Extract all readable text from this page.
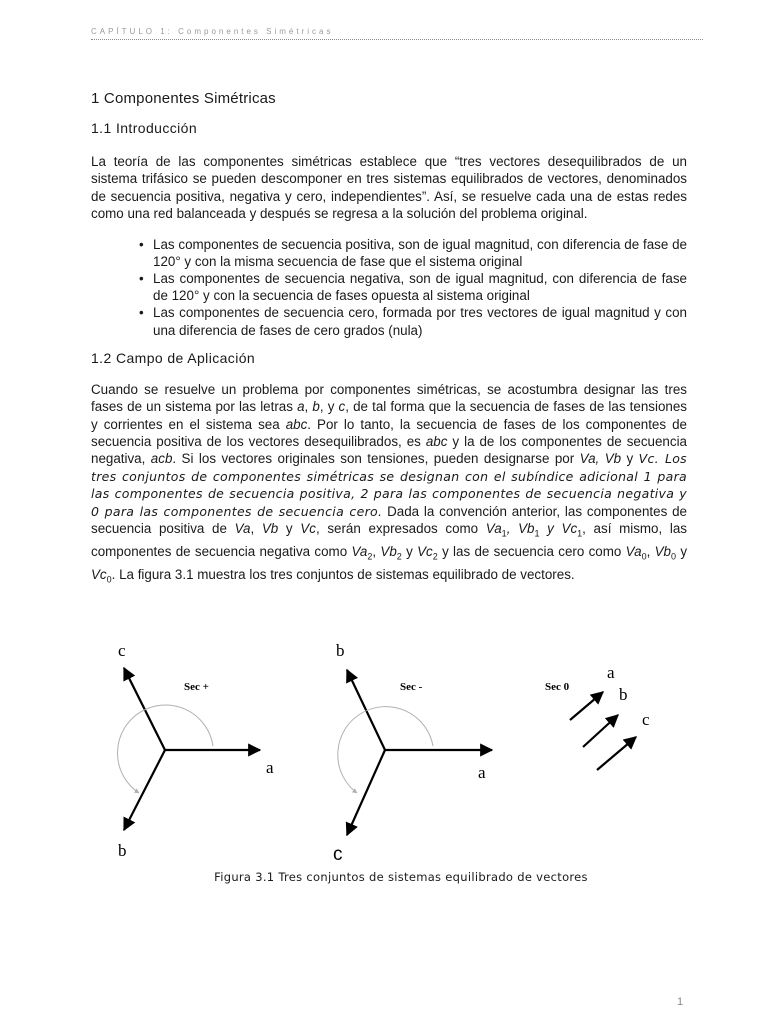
CAPÍTULO 1: Componentes Simétricas
1 Componentes Simétricas
1.1 Introducción

La teoría de las componentes simétricas establece que “tres vectores desequilibrados de un sistema trifásico se pueden descomponer en tres sistemas equilibrados de vectores, denominados de secuencia positiva, negativa y cero, independientes”. Así, se resuelve cada una de estas redes como una red balanceada y después se regresa a la solución del problema original.

• Las componentes de secuencia positiva, son de igual magnitud, con diferencia de fase de 120° y con la misma secuencia de fase que el sistema original
• Las componentes de secuencia negativa, son de igual magnitud, con diferencia de fase de 120° y con la secuencia de fases opuesta al sistema original
• Las componentes de secuencia cero, formada por tres vectores de igual magnitud y con una diferencia de fases de cero grados (nula)
1.2 Campo de Aplicación

Cuando se resuelve un problema por componentes simétricas, se acostumbra designar las tres fases de un sistema por las letras a, b, y c, de tal forma que la secuencia de fases de las tensiones y corrientes en el sistema sea abc. Por lo tanto, la secuencia de fases de los componentes de secuencia positiva de los vectores desequilibrados, es abc y la de los componentes de secuencia negativa, acb. Si los vectores originales son tensiones, pueden designarse por Va, Vb y Vc. Los tres conjuntos de componentes simétricas se designan con el subíndice adicional 1 para las componentes de secuencia positiva, 2 para las componentes de secuencia negativa y 0 para las componentes de secuencia cero. Dada la convención anterior, las componentes de secuencia positiva de Va, Vb y Vc, serán expresados como $Va_1$, $Vb_1$ y $Vc_1$, así mismo, las componentes de secuencia negativa como $Va_2$, $Vb_2$ y $Vc_2$ y las de secuencia cero como $Va_0$, $Vb_0$ y $Vc_0$. La figura 3.1 muestra los tres conjuntos de sistemas equilibrado de vectores.

Sec +
a
b
c
Sec -
a
b
c
Sec 0
a
b
c
Figura 3.1 Tres conjuntos de sistemas equilibrado de vectores
1
